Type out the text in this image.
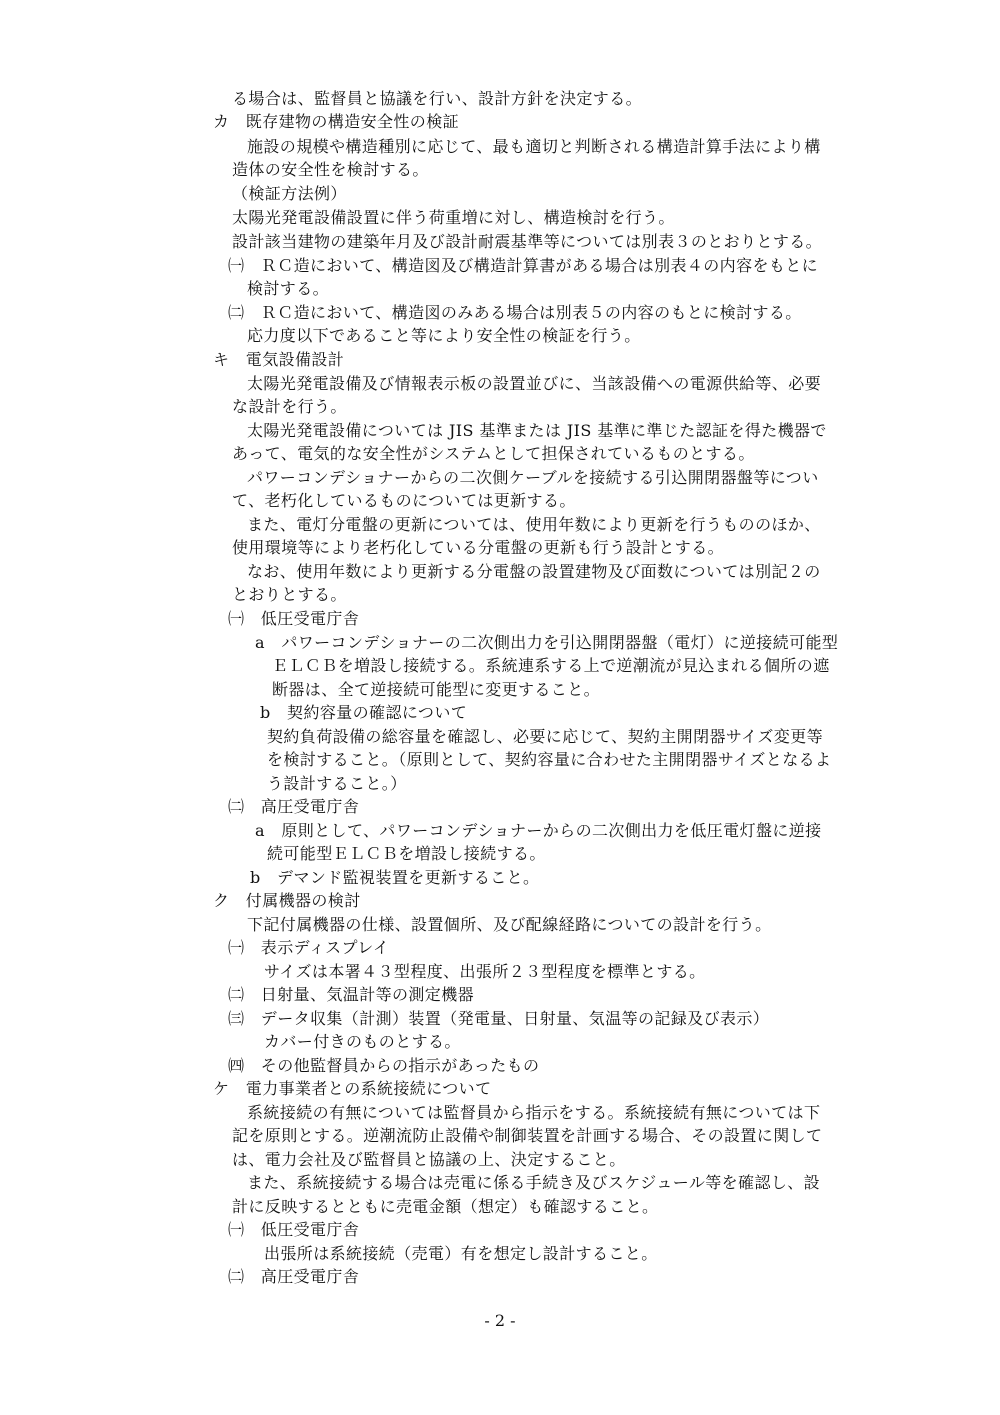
る場合は、監督員と協議を行い、設計方針を決定する。
カ　既存建物の構造安全性の検証
施設の規模や構造種別に応じて、最も適切と判断される構造計算手法により構
造体の安全性を検討する。
（検証方法例）
太陽光発電設備設置に伴う荷重増に対し、構造検討を行う。
設計該当建物の建築年月及び設計耐震基準等については別表３のとおりとする。
㈠　ＲＣ造において、構造図及び構造計算書がある場合は別表４の内容をもとに
検討する。
㈡　ＲＣ造において、構造図のみある場合は別表５の内容のもとに検討する。
応力度以下であること等により安全性の検証を行う。
キ　電気設備設計
太陽光発電設備及び情報表示板の設置並びに、当該設備への電源供給等、必要
な設計を行う。
太陽光発電設備については JIS 基準または JIS 基準に準じた認証を得た機器で
あって、電気的な安全性がシステムとして担保されているものとする。
パワーコンデショナーからの二次側ケーブルを接続する引込開閉器盤等につい
て、老朽化しているものについては更新する。
また、電灯分電盤の更新については、使用年数により更新を行うもののほか、
使用環境等により老朽化している分電盤の更新も行う設計とする。
なお、使用年数により更新する分電盤の設置建物及び面数については別記２の
とおりとする。
㈠　低圧受電庁舎
a　パワーコンデショナーの二次側出力を引込開閉器盤（電灯）に逆接続可能型
ＥＬＣＢを増設し接続する。系統連系する上で逆潮流が見込まれる個所の遮
断器は、全て逆接続可能型に変更すること。
b　契約容量の確認について
契約負荷設備の総容量を確認し、必要に応じて、契約主開閉器サイズ変更等
を検討すること。（原則として、契約容量に合わせた主開閉器サイズとなるよ
う設計すること。）
㈡　高圧受電庁舎
a　原則として、パワーコンデショナーからの二次側出力を低圧電灯盤に逆接
続可能型ＥＬＣＢを増設し接続する。
b　デマンド監視装置を更新すること。
ク　付属機器の検討
下記付属機器の仕様、設置個所、及び配線経路についての設計を行う。
㈠　表示ディスプレイ
サイズは本署４３型程度、出張所２３型程度を標準とする。
㈡　日射量、気温計等の測定機器
㈢　データ収集（計測）装置（発電量、日射量、気温等の記録及び表示）
カバー付きのものとする。
㈣　その他監督員からの指示があったもの
ケ　電力事業者との系統接続について
系統接続の有無については監督員から指示をする。系統接続有無については下
記を原則とする。逆潮流防止設備や制御装置を計画する場合、その設置に関して
は、電力会社及び監督員と協議の上、決定すること。
また、系統接続する場合は売電に係る手続き及びスケジュール等を確認し、設
計に反映するとともに売電金額（想定）も確認すること。
㈠　低圧受電庁舎
出張所は系統接続（売電）有を想定し設計すること。
㈡　高圧受電庁舎
- 2 -
